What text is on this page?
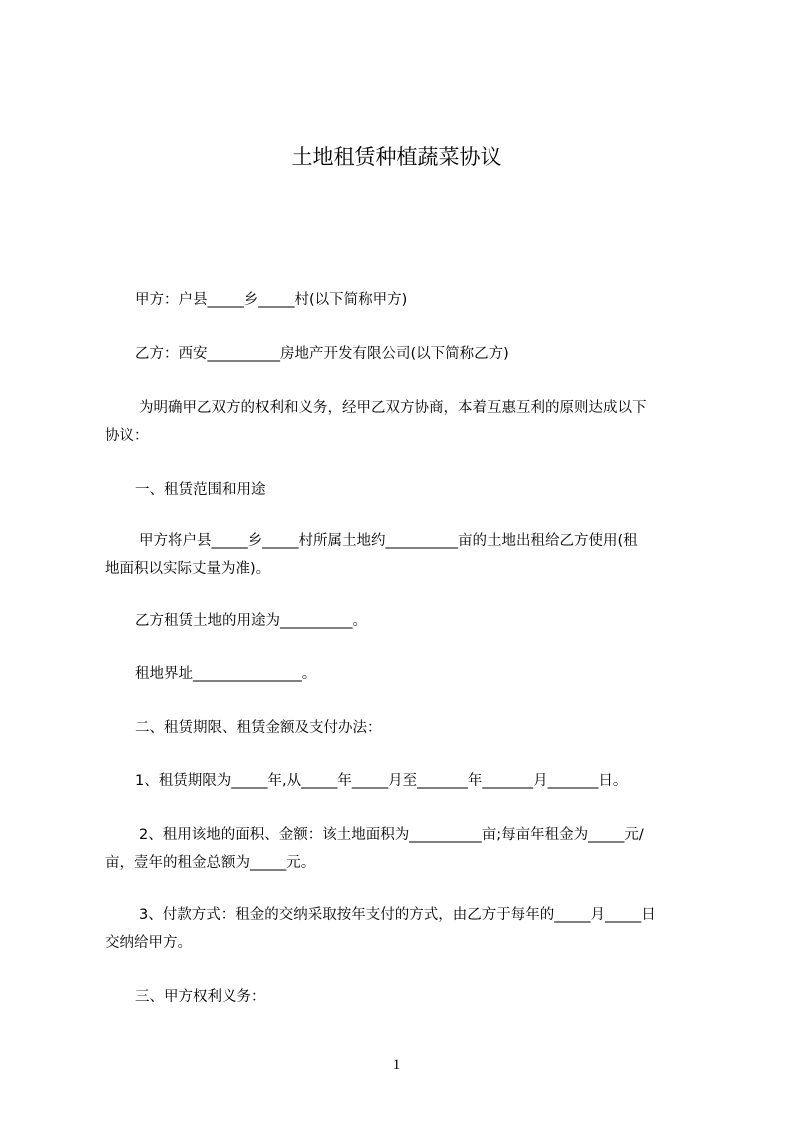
土地租赁种植蔬菜协议
甲方：户县_____乡_____村(以下简称甲方)
乙方：西安__________房地产开发有限公司(以下简称乙方)
为明确甲乙双方的权利和义务，经甲乙双方协商，本着互惠互利的原则达成以下
协议：
一、租赁范围和用途
甲方将户县_____乡_____村所属土地约__________亩的土地出租给乙方使用(租
地面积以实际丈量为准)。
乙方租赁土地的用途为__________。
租地界址_______________。
二、租赁期限、租赁金额及支付办法：
1、租赁期限为_____年,从_____年_____月至_______年_______月_______日。
2、租用该地的面积、金额：该土地面积为__________亩;每亩年租金为_____元/
亩，壹年的租金总额为_____元。
3、付款方式：租金的交纳采取按年支付的方式，由乙方于每年的_____月_____日
交纳给甲方。
三、甲方权利义务：
1
